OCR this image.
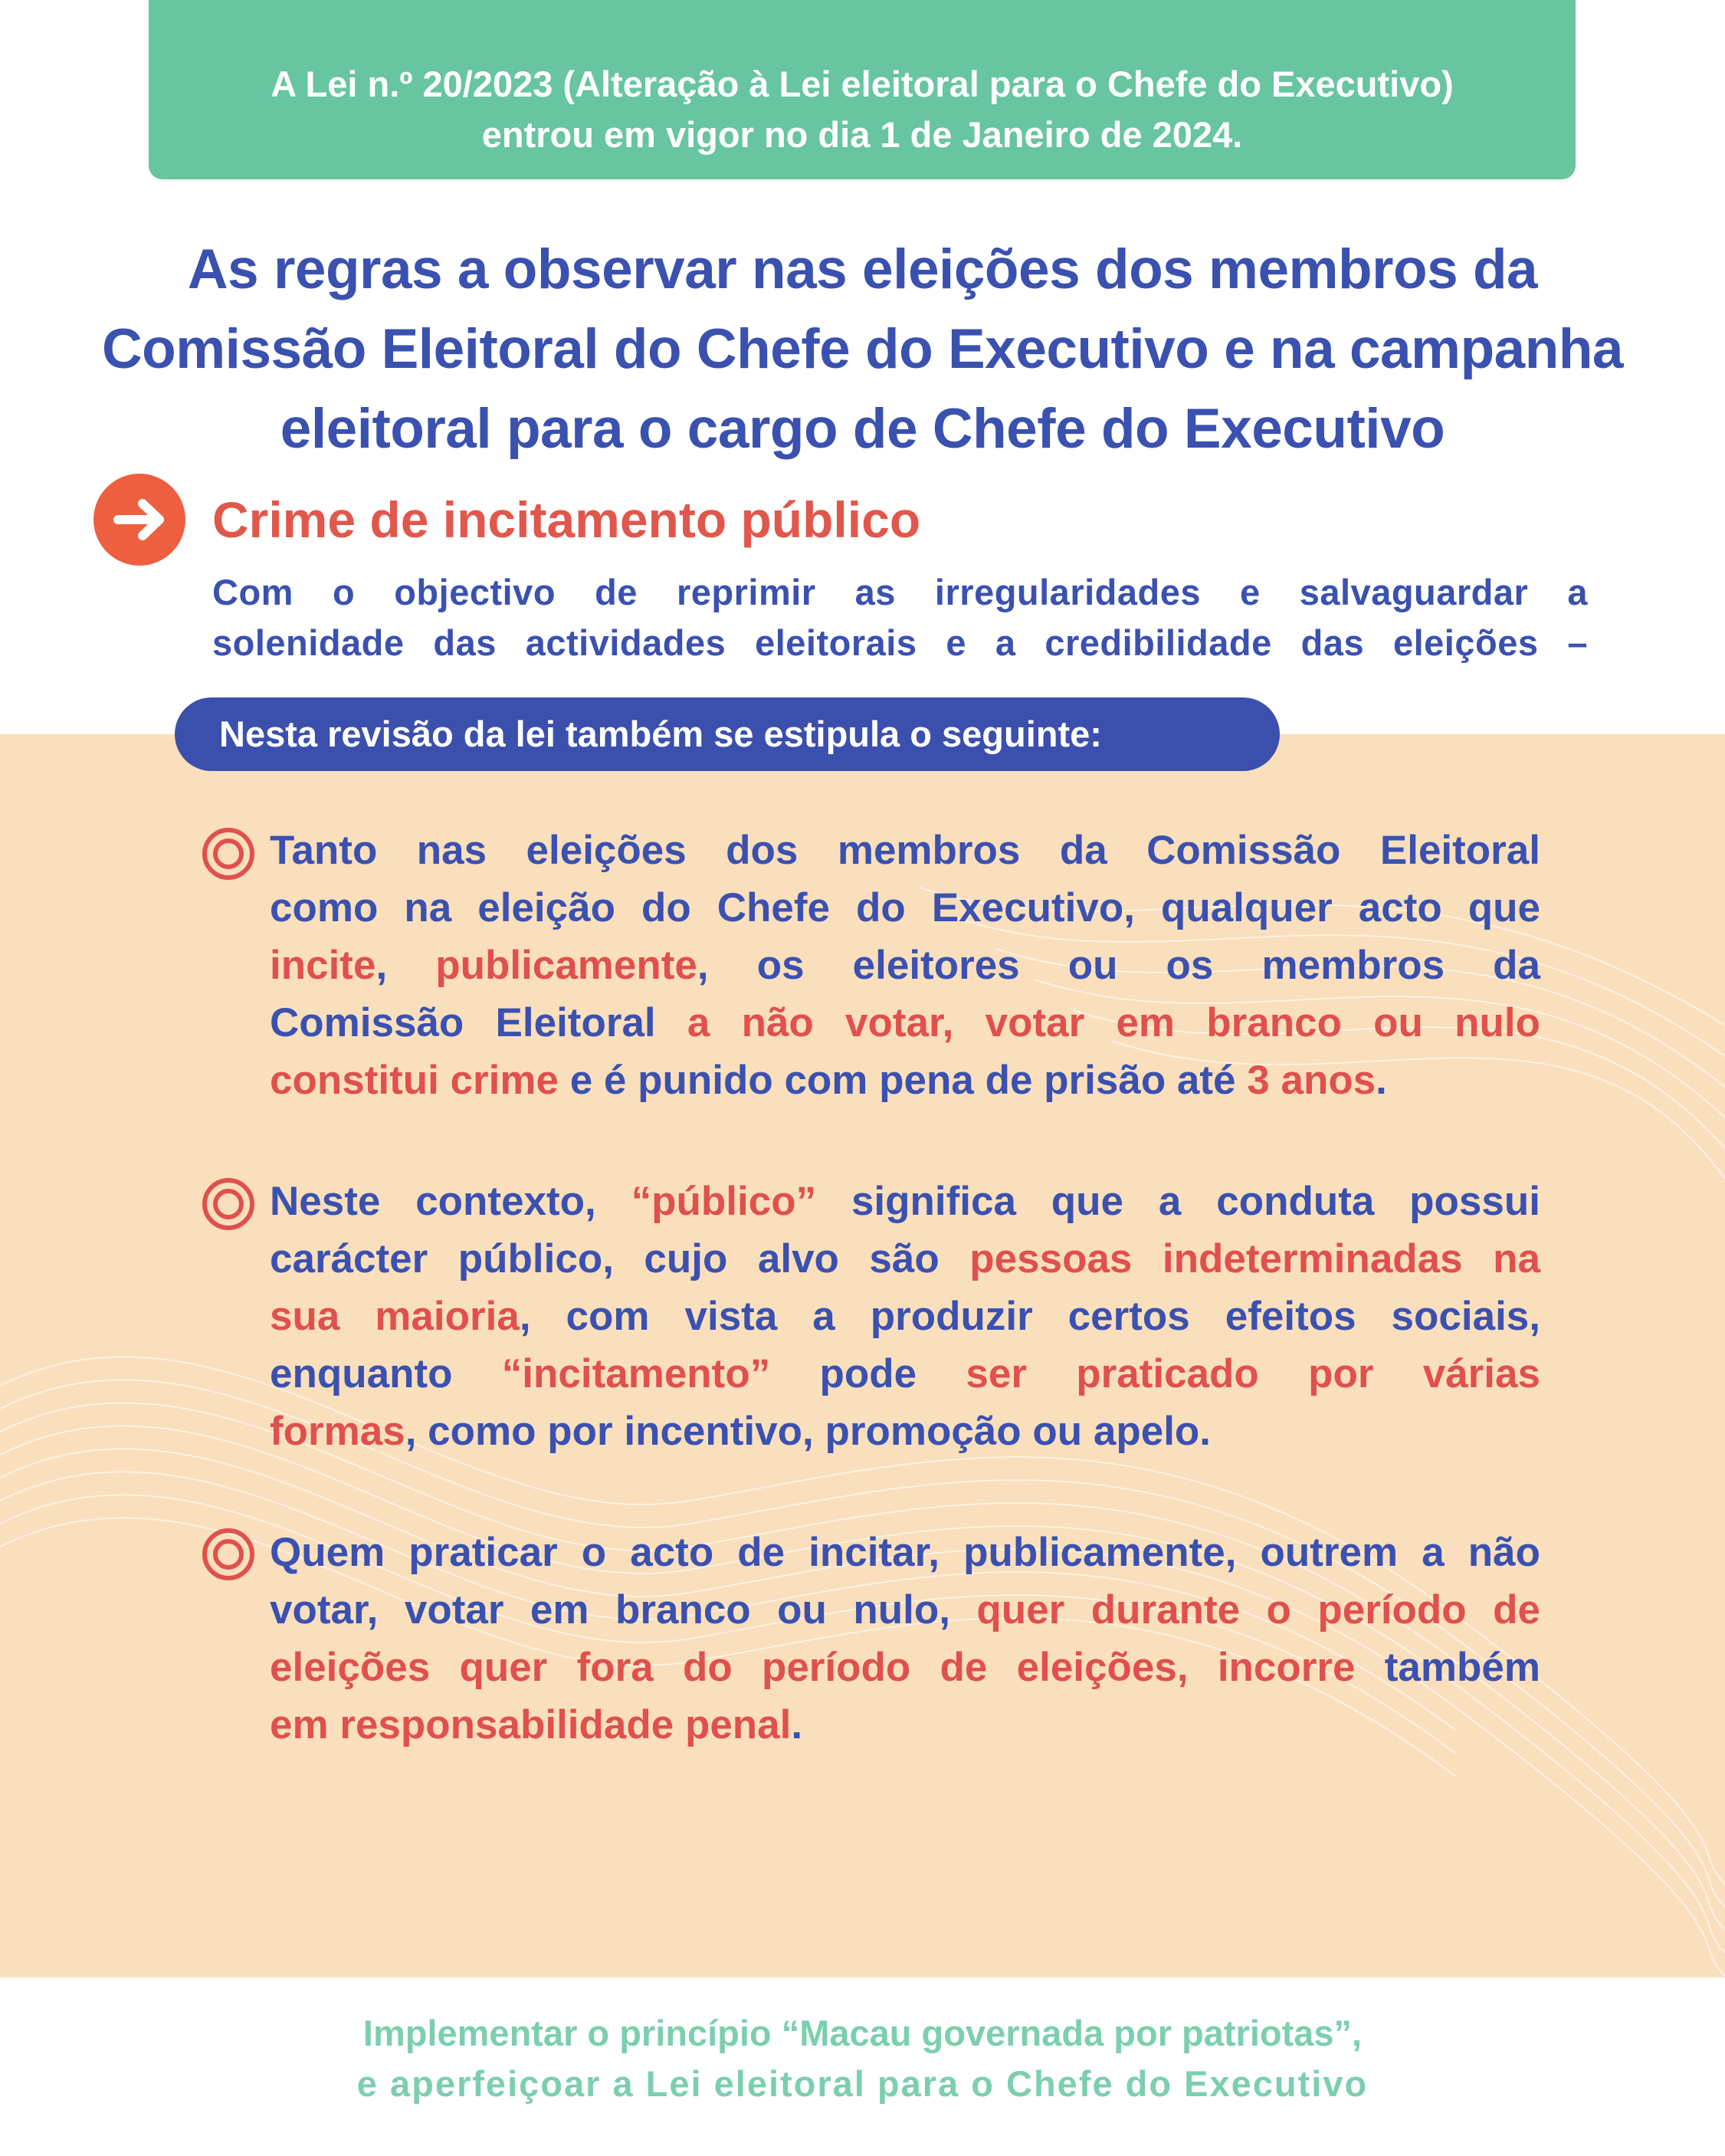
A Lei n.º 20/2023 (Alteração à Lei eleitoral para o Chefe do Executivo)
entrou em vigor no dia 1 de Janeiro de 2024.
As regras a observar nas eleições dos membros da
Comissão Eleitoral do Chefe do Executivo e na campanha
eleitoral para o cargo de Chefe do Executivo
Crime de incitamento público
Com o objectivo de reprimir as irregularidades e salvaguardar a
solenidade das actividades eleitorais e a credibilidade das eleições –
Nesta revisão da lei também se estipula o seguinte:
Tanto nas eleições dos membros da Comissão Eleitoral
como na eleição do Chefe do Executivo, qualquer acto que
incite, publicamente, os eleitores ou os membros da
Comissão Eleitoral a não votar, votar em branco ou nulo
constitui crime e é punido com pena de prisão até 3 anos.
Neste contexto, “público” significa que a conduta possui
carácter público, cujo alvo são pessoas indeterminadas na
sua maioria, com vista a produzir certos efeitos sociais,
enquanto “incitamento” pode ser praticado por várias
formas, como por incentivo, promoção ou apelo.
Quem praticar o acto de incitar, publicamente, outrem a não
votar, votar em branco ou nulo, quer durante o período de
eleições quer fora do período de eleições, incorre também
em responsabilidade penal.
Implementar o princípio “Macau governada por patriotas”,
e aperfeiçoar a Lei eleitoral para o Chefe do Executivo
